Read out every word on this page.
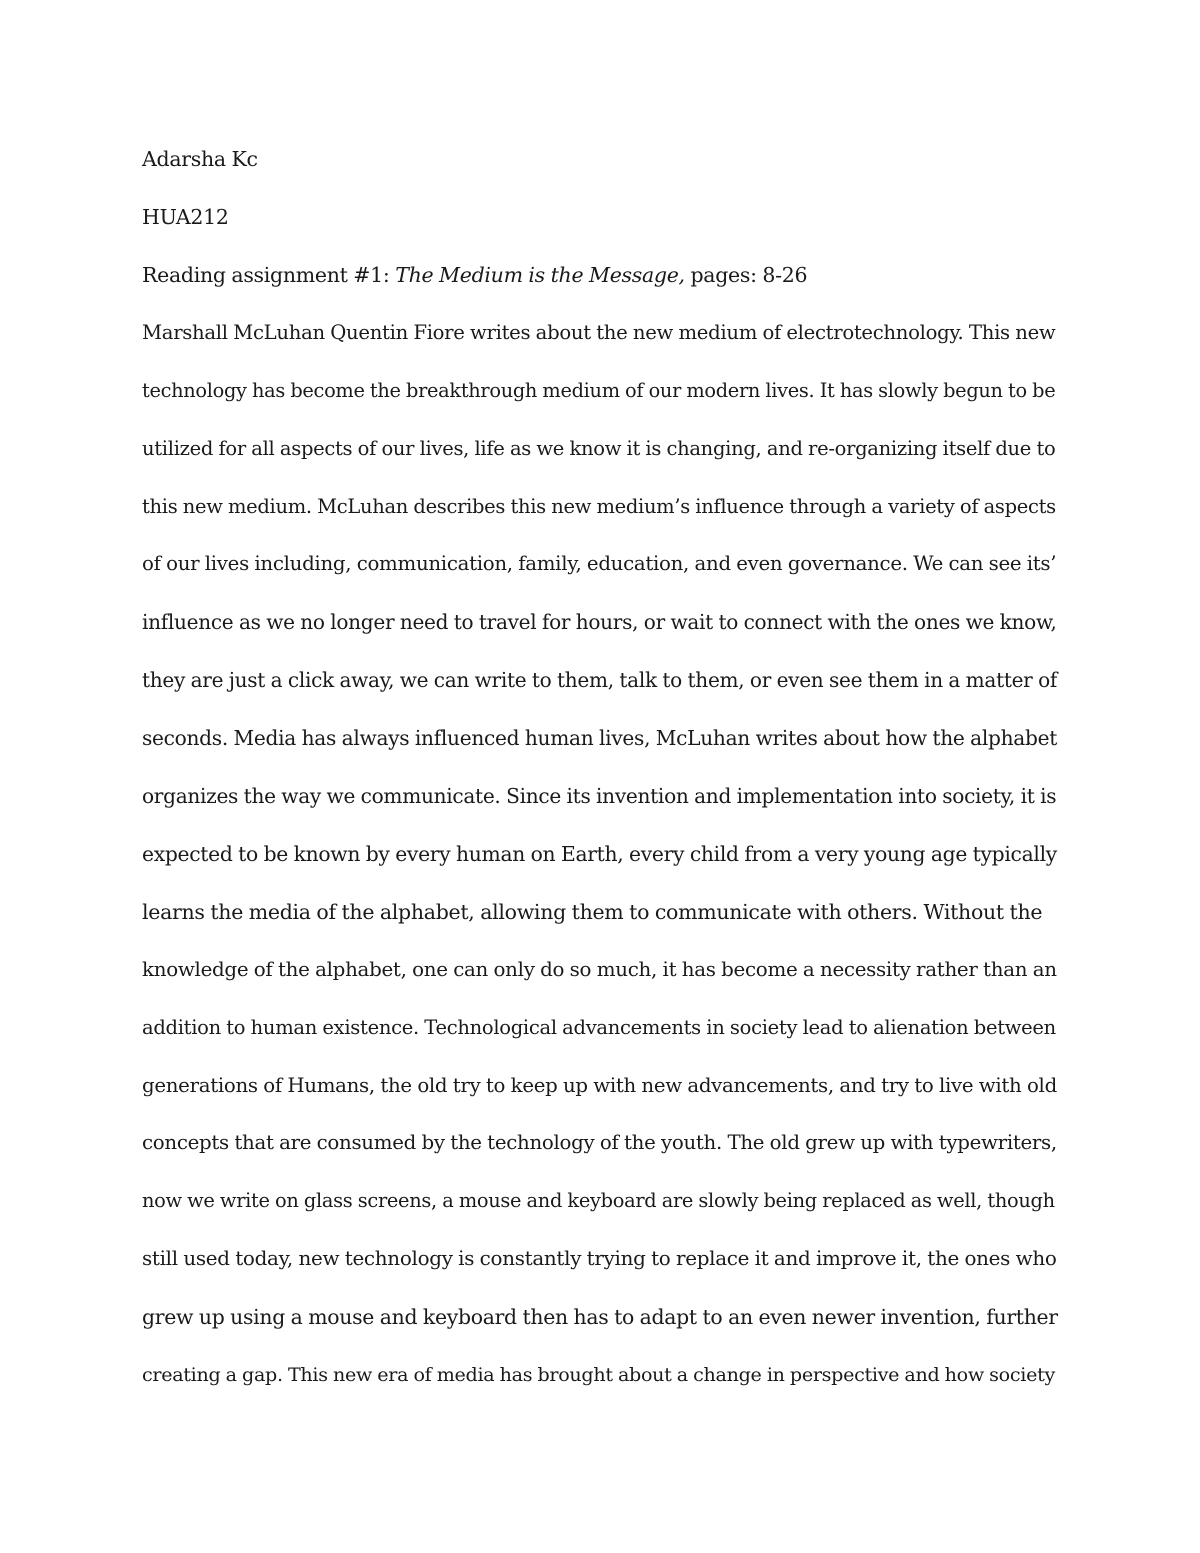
Adarsha Kc

HUA212

Reading assignment #1: The Medium is the Message, pages: 8-26

Marshall McLuhan Quentin Fiore writes about the new medium of electrotechnology. This new

technology has become the breakthrough medium of our modern lives. It has slowly begun to be

utilized for all aspects of our lives, life as we know it is changing, and re-organizing itself due to

this new medium. McLuhan describes this new medium’s influence through a variety of aspects

of our lives including, communication, family, education, and even governance. We can see its’

influence as we no longer need to travel for hours, or wait to connect with the ones we know,

they are just a click away, we can write to them, talk to them, or even see them in a matter of

seconds. Media has always influenced human lives, McLuhan writes about how the alphabet

organizes the way we communicate. Since its invention and implementation into society, it is

expected to be known by every human on Earth, every child from a very young age typically

learns the media of the alphabet, allowing them to communicate with others. Without the

knowledge of the alphabet, one can only do so much, it has become a necessity rather than an

addition to human existence. Technological advancements in society lead to alienation between

generations of Humans, the old try to keep up with new advancements, and try to live with old

concepts that are consumed by the technology of the youth. The old grew up with typewriters,

now we write on glass screens, a mouse and keyboard are slowly being replaced as well, though

still used today, new technology is constantly trying to replace it and improve it, the ones who

grew up using a mouse and keyboard then has to adapt to an even newer invention, further

creating a gap. This new era of media has brought about a change in perspective and how society
